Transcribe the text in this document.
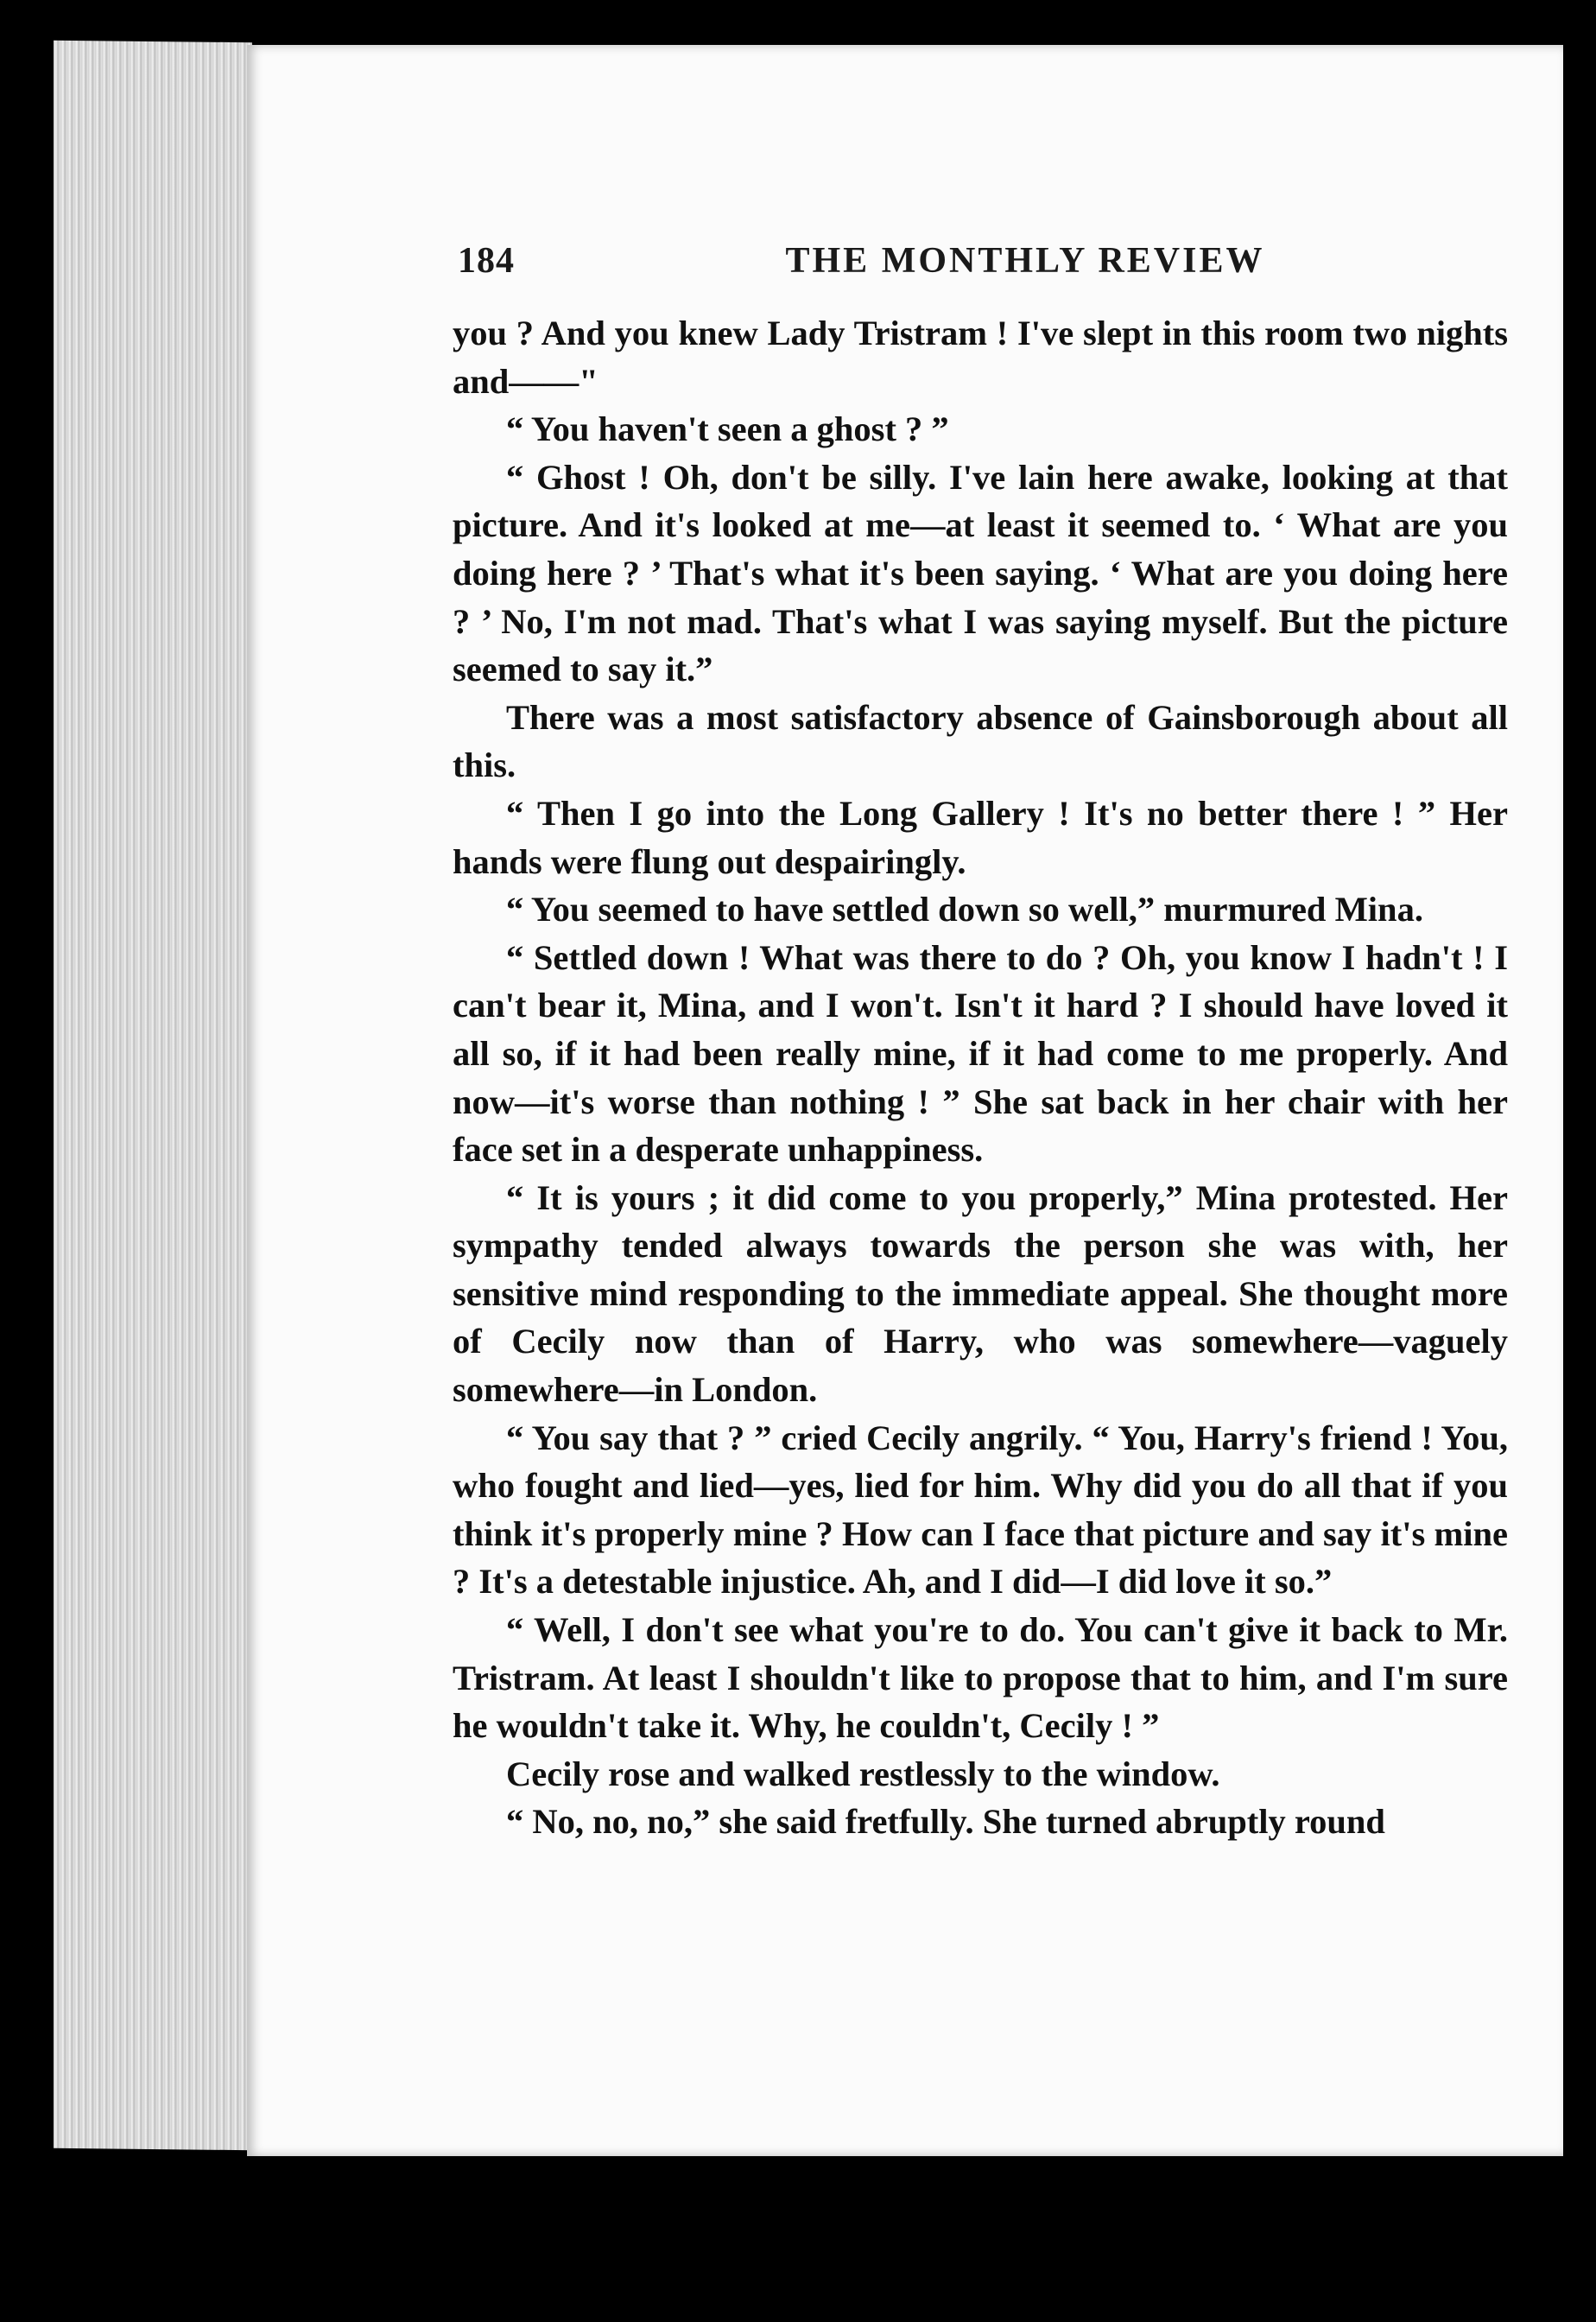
184	THE MONTHLY REVIEW

you ? And you knew Lady Tristram ! I've slept in this room two nights and——"

“ You haven't seen a ghost ? ”

“ Ghost ! Oh, don't be silly. I've lain here awake, looking at that picture. And it's looked at me—at least it seemed to. ‘ What are you doing here ? ’ That's what it's been saying. ‘ What are you doing here ? ’ No, I'm not mad. That's what I was saying myself. But the picture seemed to say it.”

There was a most satisfactory absence of Gainsborough about all this.

“ Then I go into the Long Gallery ! It's no better there ! ” Her hands were flung out despairingly.

“ You seemed to have settled down so well,” murmured Mina.

“ Settled down ! What was there to do ? Oh, you know I hadn't ! I can't bear it, Mina, and I won't. Isn't it hard ? I should have loved it all so, if it had been really mine, if it had come to me properly. And now—it's worse than nothing ! ” She sat back in her chair with her face set in a desperate unhappiness.

“ It is yours ; it did come to you properly,” Mina protested. Her sympathy tended always towards the person she was with, her sensitive mind responding to the immediate appeal. She thought more of Cecily now than of Harry, who was somewhere—vaguely somewhere—in London.

“ You say that ? ” cried Cecily angrily. “ You, Harry's friend ! You, who fought and lied—yes, lied for him. Why did you do all that if you think it's properly mine ? How can I face that picture and say it's mine ? It's a detestable injustice. Ah, and I did—I did love it so.”

“ Well, I don't see what you're to do. You can't give it back to Mr. Tristram. At least I shouldn't like to propose that to him, and I'm sure he wouldn't take it. Why, he couldn't, Cecily ! ”

Cecily rose and walked restlessly to the window.

“ No, no, no,” she said fretfully. She turned abruptly round
